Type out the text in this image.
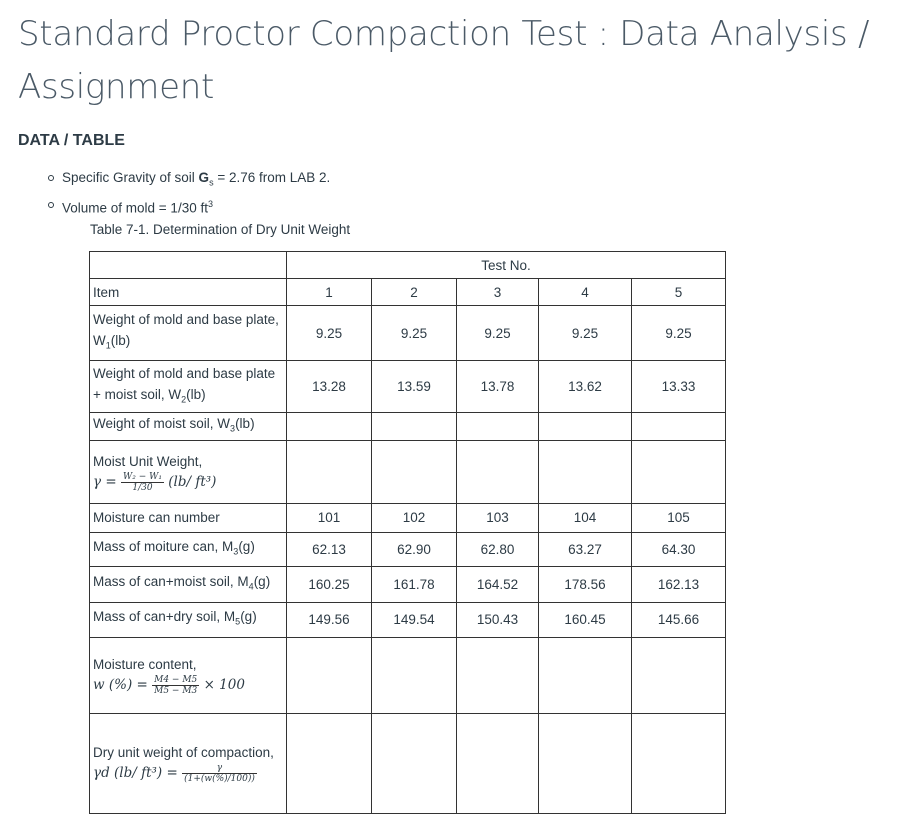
Standard Proctor Compaction Test : Data Analysis / Assignment
DATA / TABLE
Specific Gravity of soil $G_s = 2.76$ from LAB 2.
Volume of mold = 1/30 $ft^3$
Table 7-1. Determination of Dry Unit Weight
	Test No.				
Item	1	2	3	4	5
Weight of mold and base plate, $W_1(lb)$	9.25	9.25	9.25	9.25	9.25
Weight of mold and base plate + moist soil, $W_2(lb)$	13.28	13.59	13.78	13.62	13.33
Weight of moist soil, $W_3(lb)$					
Moist Unit Weight,
$\gamma = \frac{\text{W₂ − W₁}}{1/30} (lb/$ ft³)					

Moisture can number	101	102	103	104	105
Mass of moiture can, $M_3(g)$	62.13	62.90	62.80	63.27	64.30
Mass of can+moist soil, $M_4(g)$	160.25	161.78	164.52	178.56	162.13
Mass of can+dry soil, $M_5(g)$	149.56	149.54	150.43	160.45	145.66
Moisture content,
w (%) = $\frac{M4 - M5}{M5 - M3} \times 100$					

Dry unit weight of compaction,
γd (lb/ $ft^3) = \frac{\gamma}{(1+(w(\%)/100))}$
